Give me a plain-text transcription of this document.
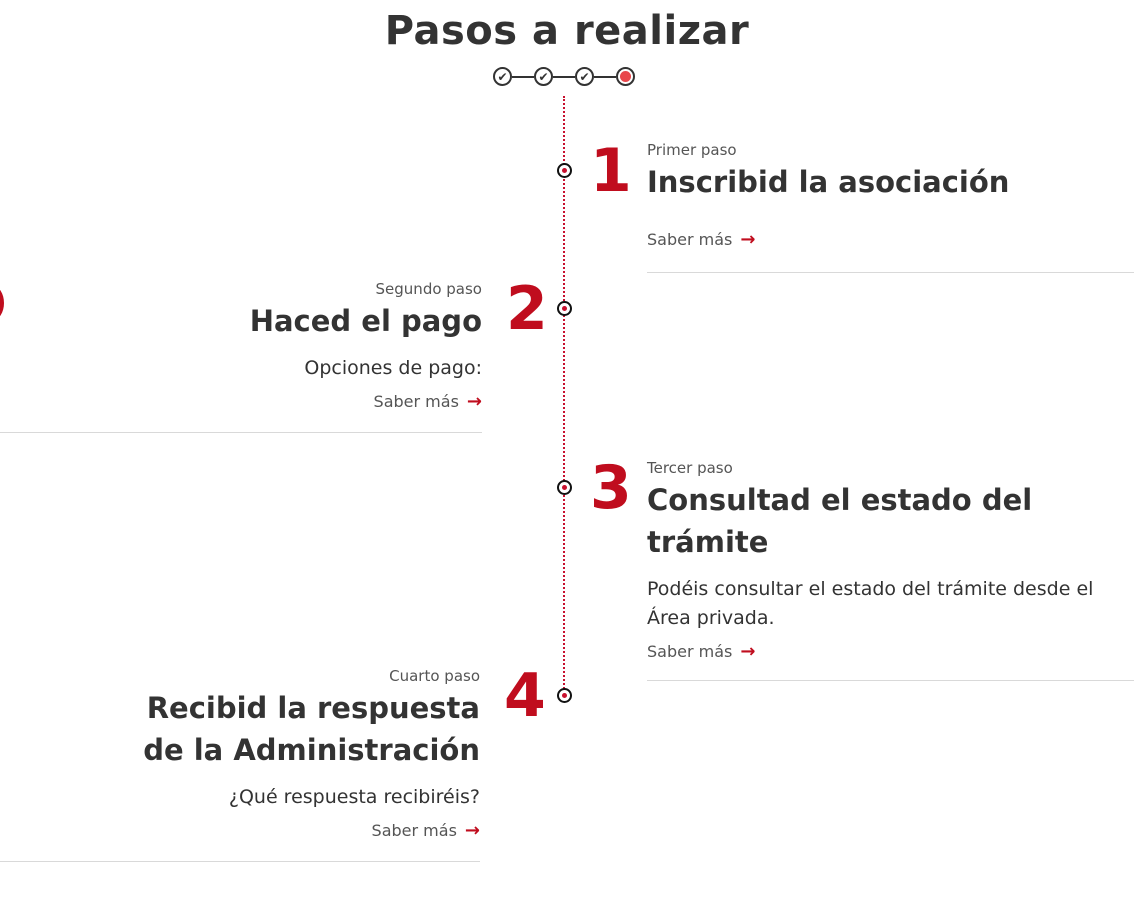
Pasos a realizar
✔	✔	✔
1 Primer paso
Inscribid la asociación
Saber más →
2
Segundo paso
Haced el pago
Opciones de pago:
Saber más →
3 Tercer paso
Consultad el estado del trámite
Podéis consultar el estado del trámite desde el Área privada.
Saber más →
4
Cuarto paso
Recibid la respuesta de la Administración
¿Qué respuesta recibiréis?
Saber más →
